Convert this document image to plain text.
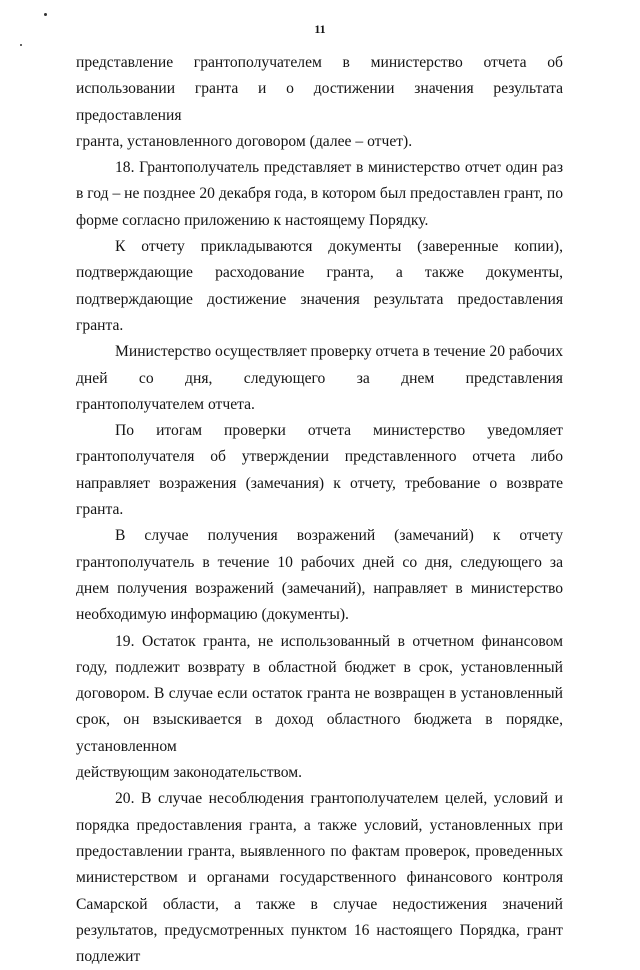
11

представление грантополучателем в министерство отчета об использовании гранта и о достижении значения результата предоставления

гранта, установленного договором (далее – отчет).

18. Грантополучатель представляет в министерство отчет один раз в год – не позднее 20 декабря года, в котором был предоставлен грант, по

форме согласно приложению к настоящему Порядку.

К отчету прикладываются документы (заверенные копии), подтверждающие расходование гранта, а также документы,

подтверждающие достижение значения результата предоставления гранта.

Министерство осуществляет проверку отчета в течение 20 рабочих дней со дня, следующего за днем представления

грантополучателем отчета.

По итогам проверки отчета министерство уведомляет грантополучателя об утверждении представленного отчета либо

направляет возражения (замечания) к отчету, требование о возврате гранта.

В случае получения возражений (замечаний) к отчету грантополучатель в течение 10 рабочих дней со дня, следующего за днем получения возражений (замечаний), направляет в министерство

необходимую информацию (документы).

19. Остаток гранта, не использованный в отчетном финансовом году, подлежит возврату в областной бюджет в срок, установленный договором. В случае если остаток гранта не возвращен в установленный срок, он взыскивается в доход областного бюджета в порядке, установленном

действующим законодательством.

20. В случае несоблюдения грантополучателем целей, условий и порядка предоставления гранта, а также условий, установленных при предоставлении гранта, выявленного по фактам проверок, проведенных министерством и органами государственного финансового контроля Самарской области, а также в случае недостижения значений результатов, предусмотренных пунктом 16 настоящего Порядка, грант подлежит
